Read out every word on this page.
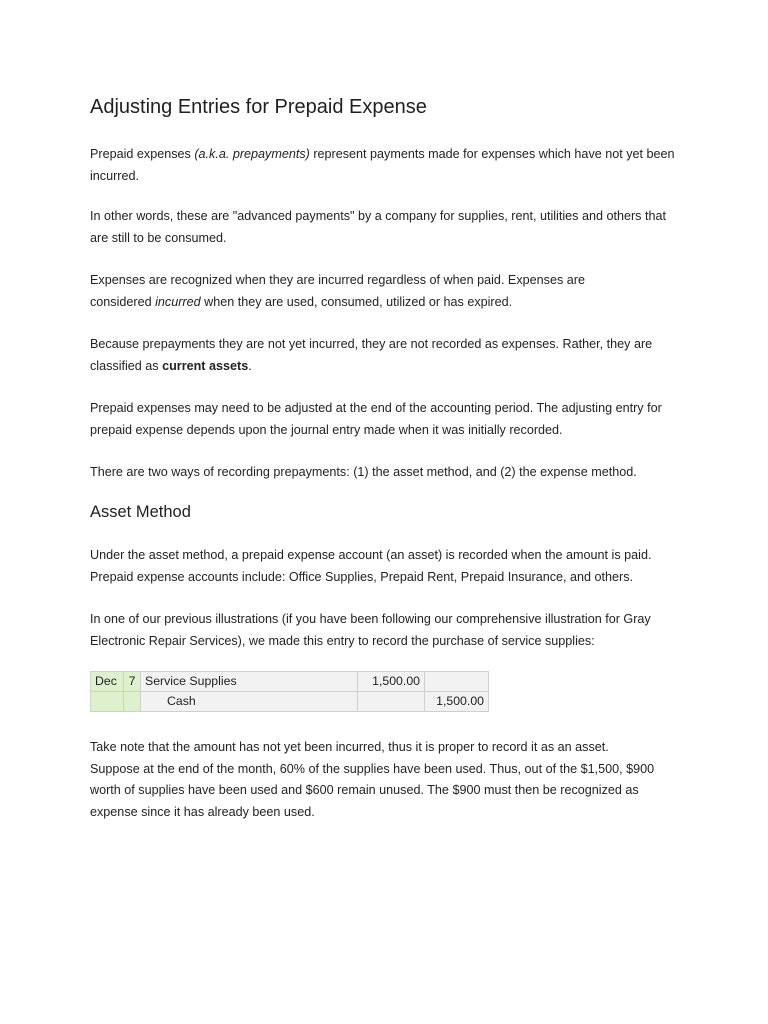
Adjusting Entries for Prepaid Expense

Prepaid expenses (a.k.a. prepayments) represent payments made for expenses which have not yet been
incurred.

In other words, these are "advanced payments" by a company for supplies, rent, utilities and others that
are still to be consumed.

Expenses are recognized when they are incurred regardless of when paid. Expenses are
considered incurred when they are used, consumed, utilized or has expired.

Because prepayments they are not yet incurred, they are not recorded as expenses. Rather, they are
classified as current assets.

Prepaid expenses may need to be adjusted at the end of the accounting period. The adjusting entry for
prepaid expense depends upon the journal entry made when it was initially recorded.

There are two ways of recording prepayments: (1) the asset method, and (2) the expense method.

Asset Method

Under the asset method, a prepaid expense account (an asset) is recorded when the amount is paid.
Prepaid expense accounts include: Office Supplies, Prepaid Rent, Prepaid Insurance, and others.

In one of our previous illustrations (if you have been following our comprehensive illustration for Gray
Electronic Repair Services), we made this entry to record the purchase of service supplies:

Dec	7	Service Supplies	1,500.00	
		Cash		1,500.00

Take note that the amount has not yet been incurred, thus it is proper to record it as an asset.
Suppose at the end of the month, 60% of the supplies have been used. Thus, out of the $1,500, $900
worth of supplies have been used and $600 remain unused. The $900 must then be recognized as
expense since it has already been used.
